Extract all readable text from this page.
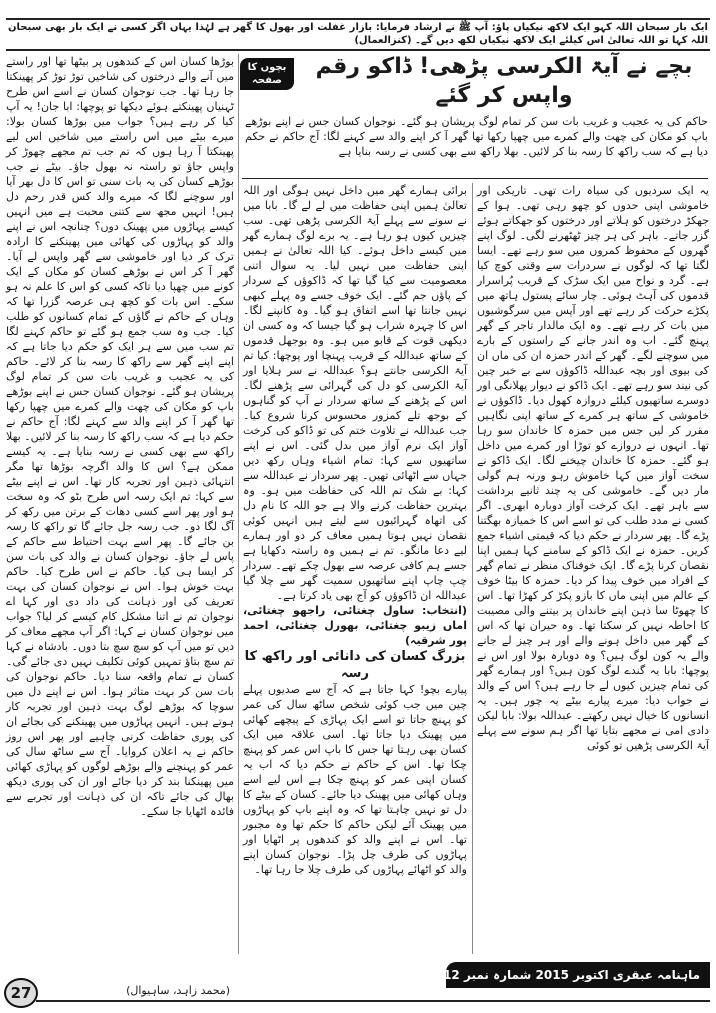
ایک بار سبحان اللہ کہو ایک لاکھ نیکیاں پاؤ: آپ ﷺ نے ارشاد فرمایا: بازار غفلت اور بھول کا گھر ہے لہٰذا یہاں اگر کسی نے ایک بار بھی سبحان اللہ کہا تو اللہ تعالیٰ اس کیلئے ایک لاکھ نیکیاں لکھ دیں گے۔ (کنزالعمال)
بچوں کا صفحہ
بچے نے آیۃ الکرسی پڑھی! ڈاکو رقم واپس کر گئے
حاکم کی یہ عجیب و غریب بات سن کر تمام لوگ پریشان ہو گئے۔ نوجوان کسان جس نے اپنے بوڑھے باپ کو مکان کی چھت والے کمرے میں چھپا رکھا تھا گھر آ کر اپنے والد سے کہنے لگا: آج حاکم نے حکم دیا ہے کہ سب راکھ کا رسہ بنا کر لائیں۔ بھلا راکھ سے بھی کسی نے رسہ بنایا ہے

یہ ایک سردیوں کی سیاہ رات تھی۔ تاریکی اور خاموشی اپنی حدوں کو چھو رہی تھی۔ ہوا کے جھکڑ درختوں کو ہلاتے اور درختوں کو جھکاتے ہوئے گزر جاتے۔ باہر کی ہر چیز ٹھٹھرنے لگی۔ لوگ اپنے گھروں کے محفوظ کمروں میں سو رہے تھے۔ ایسا لگتا تھا کہ لوگوں نے سردرات سے وقتی کوچ کیا ہے۔ گرد و نواح میں ایک سڑک کے قریب پُراسرار قدموں کی آہٹ ہوئی۔ چار سائے پستول ہاتھ میں پکڑے حرکت کر رہے تھے اور آپس میں سرگوشیوں میں بات کر رہے تھے۔ وہ ایک مالدار تاجر کے گھر پہنچ گئے۔ اب وہ اندر جانے کے راستوں کے بارے میں سوچنے لگے۔ گھر کے اندر حمزہ ان کی ماں ان کی بیوی اور بچہ عبداللہ ڈاکوؤں سے بے خبر چین کی نیند سو رہے تھے۔ ایک ڈاکو نے دیوار پھلانگی اور دوسرے ساتھیوں کیلئے دروازہ کھول دیا۔ ڈاکوؤں نے خاموشی کے ساتھ ہر کمرے کے ساتھ اپنی نگاہیں مقرر کر لیں جس میں حمزہ کا خاندان سو رہا تھا۔ انہوں نے دروازے کو توڑا اور کمرے میں داخل ہو گئے۔ حمزہ کا خاندان چیخنے لگا۔ ایک ڈاکو نے سخت آواز میں کہا خاموش رہو ورنہ ہم گولی مار دیں گے۔ خاموشی کی یہ چند ثانیے برداشت سے باہر تھے۔ ایک کرخت آواز دوبارہ ابھری۔ اگر کسی نے مدد طلب کی تو اسے اس کا خمیازہ بھگتنا پڑے گا۔ پھر سردار نے حکم دیا کہ قیمتی اشیاء جمع کریں۔ حمزہ نے ایک ڈاکو کے سامنے کہا ہمیں اپنا نقصان کرنا پڑے گا۔ ایک خوفناک منظر نے تمام گھر کے افراد میں خوف پیدا کر دیا۔ حمزہ کا بیٹا خوف کے عالم میں اپنی ماں کا بازو پکڑ کر کھڑا تھا۔ اس کا چھوٹا سا ذہن اپنے خاندان پر بیتنے والی مصیبت کا احاطہ نہیں کر سکتا تھا۔ وہ حیران تھا کہ اس کے گھر میں داخل ہونے والے اور ہر چیز لے جانے والے یہ کون لوگ ہیں؟ وہ دوبارہ بولا اور اس نے پوچھا: بابا یہ گندے لوگ کون ہیں؟ اور ہمارے گھر کی تمام چیزیں کیوں لے جا رہے ہیں؟ اس کے والد نے جواب دیا: میرے پیارے بیٹے یہ چور ہیں۔ یہ انسانوں کا خیال نہیں رکھتے۔ عبداللہ بولا: بابا لیکن دادی امی نے مجھے بتایا تھا اگر ہم سونے سے پہلے آیۃ الکرسی پڑھیں تو کوئی

برائی ہمارے گھر میں داخل نہیں ہوگی اور اللہ تعالیٰ ہمیں اپنی حفاظت میں لے لے گا۔ بابا میں نے سونے سے پہلے آیۃ الکرسی پڑھی تھی۔ سب چیزیں کیوں ہو رہا ہے۔ یہ برے لوگ ہمارے گھر میں کیسے داخل ہوئے۔ کیا اللہ تعالیٰ نے ہمیں اپنی حفاظت میں نہیں لیا۔ یہ سوال اتنی معصومیت سے کیا گیا تھا کہ ڈاکوؤں کے سردار کے پاؤں جم گئے۔ ایک خوف جسے وہ پہلے کبھی نہیں جانتا تھا اسے اتفاق ہو گیا۔ وہ کانپنے لگا۔ اس کا چہرہ شراب ہو گیا جیسا کہ وہ کسی ان دیکھی قوت کے قابو میں ہو۔ وہ بوجھل قدموں کے ساتھ عبداللہ کے قریب پہنچا اور پوچھا: کیا تم آیۃ الکرسی جانتے ہو؟ عبداللہ نے سر ہلایا اور آیۃ الکرسی کو دل کی گہرائی سے پڑھنے لگا۔ اس کے پڑھنے کے ساتھ سردار نے آپ کو گناہوں کے بوجھ تلے کمزور محسوس کرنا شروع کیا۔ جب عبداللہ نے تلاوت ختم کی تو ڈاکو کی کرخت آواز ایک نرم آواز میں بدل گئی۔ اس نے اپنے ساتھیوں سے کہا: تمام اشیاء وہاں رکھ دیں جہاں سے اٹھائی تھیں۔ پھر سردار نے عبداللہ سے کہا: بے شک تم اللہ کی حفاظت میں ہو۔ وہ بہترین حفاظت کرنے والا ہے جو اللہ کا نام دل کی اتھاہ گہرائیوں سے لیتے ہیں انہیں کوئی نقصان نہیں ہوتا ہمیں معاف کر دو اور ہمارے لیے دعا مانگو۔ تم نے ہمیں وہ راستہ دکھایا ہے جسے ہم کافی عرصہ سے بھول چکے تھے۔ سردار چپ چاپ اپنے ساتھیوں سمیت گھر سے چلا گیا عبداللہ ان ڈاکوؤں کو آج بھی یاد کرتا ہے۔

(انتخاب: ساول چغتائی، راجھو چغتائی، اماں زیبو چغتائی، بھورل چغتائی، احمد پور شرقیہ)

بزرگ کسان کی دانائی اور راکھ کا رسہ

پیارے بچو! کہا جاتا ہے کہ آج سے صدیوں پہلے چین میں جب کوئی شخص ساٹھ سال کی عمر کو پہنچ جاتا تو اسے ایک پہاڑی کے پیچھے کھائی میں پھینک دیا جاتا تھا۔ اسی علاقہ میں ایک کسان بھی رہتا تھا جس کا باپ اس عمر کو پہنچ چکا تھا۔ اس کے حاکم نے حکم دیا کہ اب یہ کسان اپنی عمر کو پہنچ چکا ہے اس لیے اسے وہاں کھائی میں پھینک دیا جائے۔ کسان کے بیٹے کا دل تو نہیں چاہتا تھا کہ وہ اپنے باپ کو پہاڑوں میں پھینک آئے لیکن حاکم کا حکم تھا وہ مجبور تھا۔ اس نے اپنے والد کو کندھوں پر اٹھایا اور پہاڑوں کی طرف چل پڑا۔ نوجوان کسان اپنے والد کو اٹھائے پہاڑوں کی طرف چلا جا رہا تھا۔

بوڑھا کسان اس کے کندھوں پر بیٹھا تھا اور راستے میں آنے والے درختوں کی شاخیں توڑ توڑ کر پھینکتا جا رہا تھا۔ جب نوجوان کسان نے اسے اس طرح ٹہنیاں پھینکتے ہوئے دیکھا تو پوچھا: ابا جان! یہ آپ کیا کر رہے ہیں؟ جواب میں بوڑھا کسان بولا: میرے بیٹے میں اس راستے میں شاخیں اس لیے پھینکتا آ رہا ہوں کہ تم جب تم مجھے چھوڑ کر واپس جاؤ تو راستہ نہ بھول جاؤ۔ بیٹے نے جب بوڑھے کسان کی یہ بات سنی تو اس کا دل بھر آیا اور سوچنے لگا کہ میرے والد کس قدر رحم دل ہیں! انہیں مجھ سے کتنی محبت ہے میں انہیں کیسے پہاڑوں میں پھینک دوں؟ چنانچہ اس نے اپنے والد کو پہاڑوں کی کھائی میں پھینکنے کا ارادہ ترک کر دیا اور خاموشی سے گھر واپس لے آیا۔ گھر آ کر اس نے بوڑھے کسان کو مکان کے ایک کونے میں چھپا دیا تاکہ کسی کو اس کا علم نہ ہو سکے۔ اس بات کو کچھ ہی عرصہ گزرا تھا کہ وہاں کے حاکم نے گاؤں کے تمام کسانوں کو طلب کیا۔ جب وہ سب جمع ہو گئے تو حاکم کہنے لگا تم سب میں سے ہر ایک کو حکم دیا جاتا ہے کہ اپنے اپنے گھر سے راکھ کا رسہ بنا کر لائے۔ حاکم کی یہ عجیب و غریب بات سن کر تمام لوگ پریشان ہو گئے۔ نوجوان کسان جس نے اپنے بوڑھے باپ کو مکان کی چھت والے کمرے میں چھپا رکھا تھا گھر آ کر اپنے والد سے کہنے لگا: آج حاکم نے حکم دیا ہے کہ سب راکھ کا رسہ بنا کر لائیں۔ بھلا راکھ سے بھی کسی نے رسہ بنایا ہے۔ یہ کیسے ممکن ہے؟ اس کا والد اگرچہ بوڑھا تھا مگر انتہائی ذہین اور تجربہ کار تھا۔ اس نے اپنے بیٹے سے کہا: تم ایک رسہ اس طرح بٹو کہ وہ سخت ہو اور پھر اسے کسی دھات کے برتن میں رکھ کر آگ لگا دو۔ جب رسہ جل جائے گا تو راکھ کا رسہ بن جائے گا۔ پھر اسے بہت احتیاط سے حاکم کے پاس لے جاؤ۔ نوجوان کسان نے والد کی بات سن کر ایسا ہی کیا۔ حاکم نے اس طرح کیا۔ حاکم بہت خوش ہوا۔ اس نے نوجوان کسان کی بہت تعریف کی اور ذہانت کی داد دی اور کہا اے نوجوان تم نے اتنا مشکل کام کیسے کر لیا؟ جواب میں نوجوان کسان نے کہا: اگر آپ مجھے معاف کر دیں تو میں آپ کو سچ سچ بتا دوں۔ بادشاہ نے کہا تم سچ بتاؤ تمہیں کوئی تکلیف نہیں دی جائے گی۔ کسان نے تمام واقعہ سنا دیا۔ حاکم نوجوان کی بات سن کر بہت متاثر ہوا۔ اس نے اپنے دل میں سوچا کہ بوڑھے لوگ بہت ذہین اور تجربہ کار ہوتے ہیں۔ انہیں پہاڑوں میں پھینکنے کی بجائے ان کی پوری حفاظت کرنی چاہیے اور پھر اس روز حاکم نے یہ اعلان کروایا۔ آج سے ساٹھ سال کی عمر کو پہنچنے والے بوڑھے لوگوں کو پہاڑی کھائی میں پھینکنا بند کر دیا جائے اور ان کی پوری دیکھ بھال کی جائے تاکہ ان کی ذہانت اور تجربے سے فائدہ اٹھایا جا سکے۔

ماہنامہ عبقری اکتوبر 2015 شمارہ نمبر 112
(محمد زاہد، ساہیوال)
27
